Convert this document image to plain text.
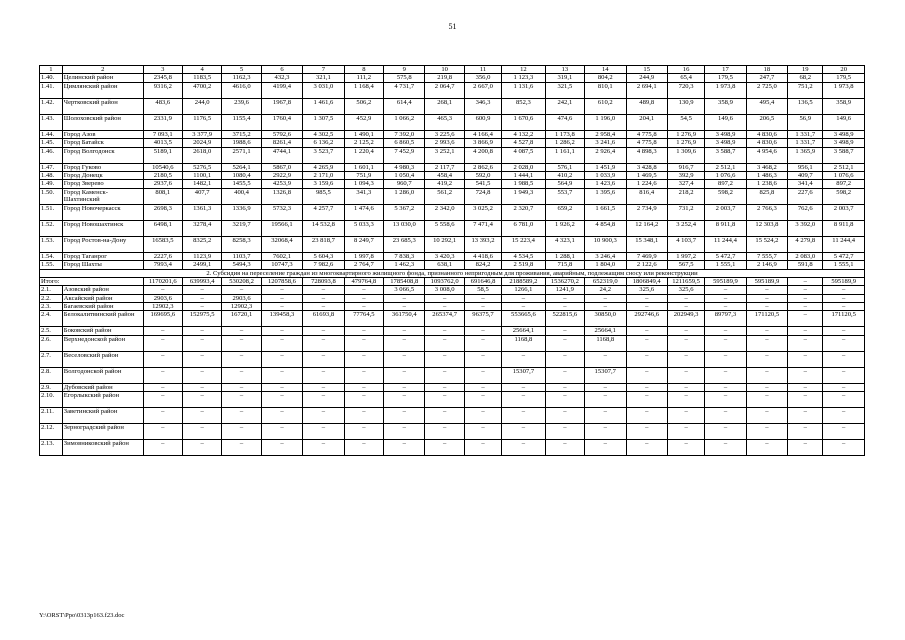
51
1	2	3	4	5	6	7	8	9	10	11	12	13	14	15	16	17	18	19	20
1.40.	Целинский район	2345,8	1183,5	1162,3	432,3	321,1	111,2	575,8	219,8	356,0	1 123,3	319,1	804,2	244,9	65,4	179,5	247,7	68,2	179,5
1.41.	Цимлянский район	9316,2	4700,2	4616,0	4199,4	3 031,0	1 168,4	4 731,7	2 064,7	2 667,0	1 131,6	321,5	810,1	2 694,1	720,3	1 973,8	2 725,0	751,2	1 973,8
1.42.	Чертковский район	483,6	244,0	239,6	1967,8	1 461,6	506,2	614,4	268,1	346,3	852,3	242,1	610,2	489,8	130,9	358,9	495,4	136,5	358,9
1.43.	Шолоховский район	2331,9	1176,5	1155,4	1760,4	1 307,5	452,9	1 066,2	465,3	600,9	1 670,6	474,6	1 196,0	204,1	54,5	149,6	206,5	56,9	149,6
1.44.	Город Азов	7 093,1	3 377,9	3715,2	5792,6	4 302,5	1 490,1	7 392,0	3 225,6	4 166,4	4 132,2	1 173,8	2 958,4	4 775,8	1 276,9	3 498,9	4 830,6	1 331,7	3 498,9
1.45.	Город Батайск	4013,5	2024,9	1988,6	8261,4	6 136,2	2 125,2	6 860,5	2 993,6	3 866,9	4 527,8	1 286,2	3 241,6	4 775,8	1 276,9	3 498,9	4 830,6	1 331,7	3 498,9
1.46.	Город Волгодонск	5189,1	2618,0	2571,1	4744,1	3 523,7	1 220,4	7 452,9	3 252,1	4 200,8	4 087,5	1 161,1	2 926,4	4 898,3	1 309,6	3 588,7	4 954,6	1 365,9	3 588,7
1.47.	Город Гуково	10540,6	5276,5	5264,1	5867,0	4 265,9	1 601,1	4 980,3	2 117,7	2 862,6	2 028,0	576,1	1 451,9	3 428,8	916,7	2 512,1	3 468,2	956,1	2 512,1
1.48.	Город Донецк	2180,5	1100,1	1080,4	2922,9	2 171,0	751,9	1 050,4	458,4	592,0	1 444,1	410,2	1 033,9	1 469,5	392,9	1 076,6	1 486,3	409,7	1 076,6
1.49.	Город Зверево	2937,6	1482,1	1455,5	4253,9	3 159,6	1 094,3	960,7	419,2	541,5	1 988,5	564,9	1 423,6	1 224,6	327,4	897,2	1 238,6	341,4	897,2
1.50.	Город Каменск-Шахтинский	808,1	407,7	400,4	1326,8	985,5	341,3	1 286,0	561,2	724,8	1 949,3	553,7	1 395,6	816,4	218,2	598,2	825,8	227,6	598,2
1.51.	Город Новочеркасск	2698,3	1361,3	1336,9	5732,3	4 257,7	1 474,6	5 367,2	2 342,0	3 025,2	2 320,7	659,2	1 661,5	2 734,9	731,2	2 003,7	2 766,3	762,6	2 003,7
1.52.	Город Новошахтинск	6498,1	3278,4	3219,7	19566,1	14 532,8	5 033,3	13 030,0	5 558,6	7 471,4	6 781,0	1 926,2	4 854,8	12 164,2	3 252,4	8 911,8	12 303,8	3 392,0	8 911,8
1.53.	Город Ростов-на-Дону	16583,5	8325,2	8258,3	32068,4	23 818,7	8 249,7	23 685,3	10 292,1	13 393,2	15 223,4	4 323,1	10 900,3	15 348,1	4 103,7	11 244,4	15 524,2	4 279,8	11 244,4
1.54.	Город Таганрог	2227,6	1123,9	1103,7	7602,1	5 604,3	1 997,8	7 838,3	3 420,3	4 418,6	4 534,5	1 288,1	3 246,4	7 469,9	1 997,2	5 472,7	7 555,7	2 083,0	5 472,7
1.55.	Город Шахты	7993,4	2499,1	5494,3	10747,3	7 982,6	2 764,7	1 462,3	638,1	824,2	2 519,8	715,8	1 804,0	2 122,6	567,5	1 555,1	2 146,9	591,8	1 555,1
2. Субсидия на переселение граждан из многоквартирного жилищного фонда, признанного непригодным для проживания, аварийным, подлежащим сносу или реконструкции																			
Итого:		1170201,6	639993,4	530208,2	1207858,6	728093,8	479764,8	1785408,8	1093762,0	691646,8	2188589,2	1536270,2	652319,0	1806849,4	1211659,5	595189,9	595189,9	–	595189,9
2.1.	Азовский район	–	–	–	–	–	–	3 066,5	3 008,0	58,5	1266,1	1241,9	24,2	325,6	325,6	–	–	–	–
2.2.	Аксайский район	2903,6	–	2903,6	–	–	–	–	–	–	–	–	–	–	–	–	–	–	–
2.3.	Багаевский район	12902,3	–	12902,3	–	–	–	–	–	–	–	–	–	–	–	–	–	–	–
2.4.	Белокалитвинский район	169695,6	152975,5	16720,1	139458,3	61693,8	77764,5	361750,4	265374,7	96375,7	553665,6	522815,6	30850,0	292746,6	202949,3	89797,3	171120,5	–	171120,5
2.5.	Боковский район	–	–	–	–	–	–	–	–	–	25664,1	–	25664,1	–	–	–	–	–	–
2.6.	Верхнедонской район	–	–	–	–	–	–	–	–	–	1168,8	–	1168,8	–	–	–	–	–	–
2.7.	Веселовский район	–	–	–	–	–	–	–	–	–	–	–	–	–	–	–	–	–	–
2.8.	Волгодонской район	–	–	–	–	–	–	–	–	–	15307,7	–	15307,7	–	–	–	–	–	–
2.9.	Дубовский район	–	–	–	–	–	–	–	–	–	–	–	–	–	–	–	–	–	–
2.10.	Егорлыкский район	–	–	–	–	–	–	–	–	–	–	–	–	–	–	–	–	–	–
2.11.	Заветинский район	–	–	–	–	–	–	–	–	–	–	–	–	–	–	–	–	–	–
2.12.	Зерноградский район	–	–	–	–	–	–	–	–	–	–	–	–	–	–	–	–	–	–
2.13.	Зимовниковский район	–	–	–	–	–	–	–	–	–	–	–	–	–	–	–	–	–	–
Y:\ORST\Ppo\0313p163.f23.doc
